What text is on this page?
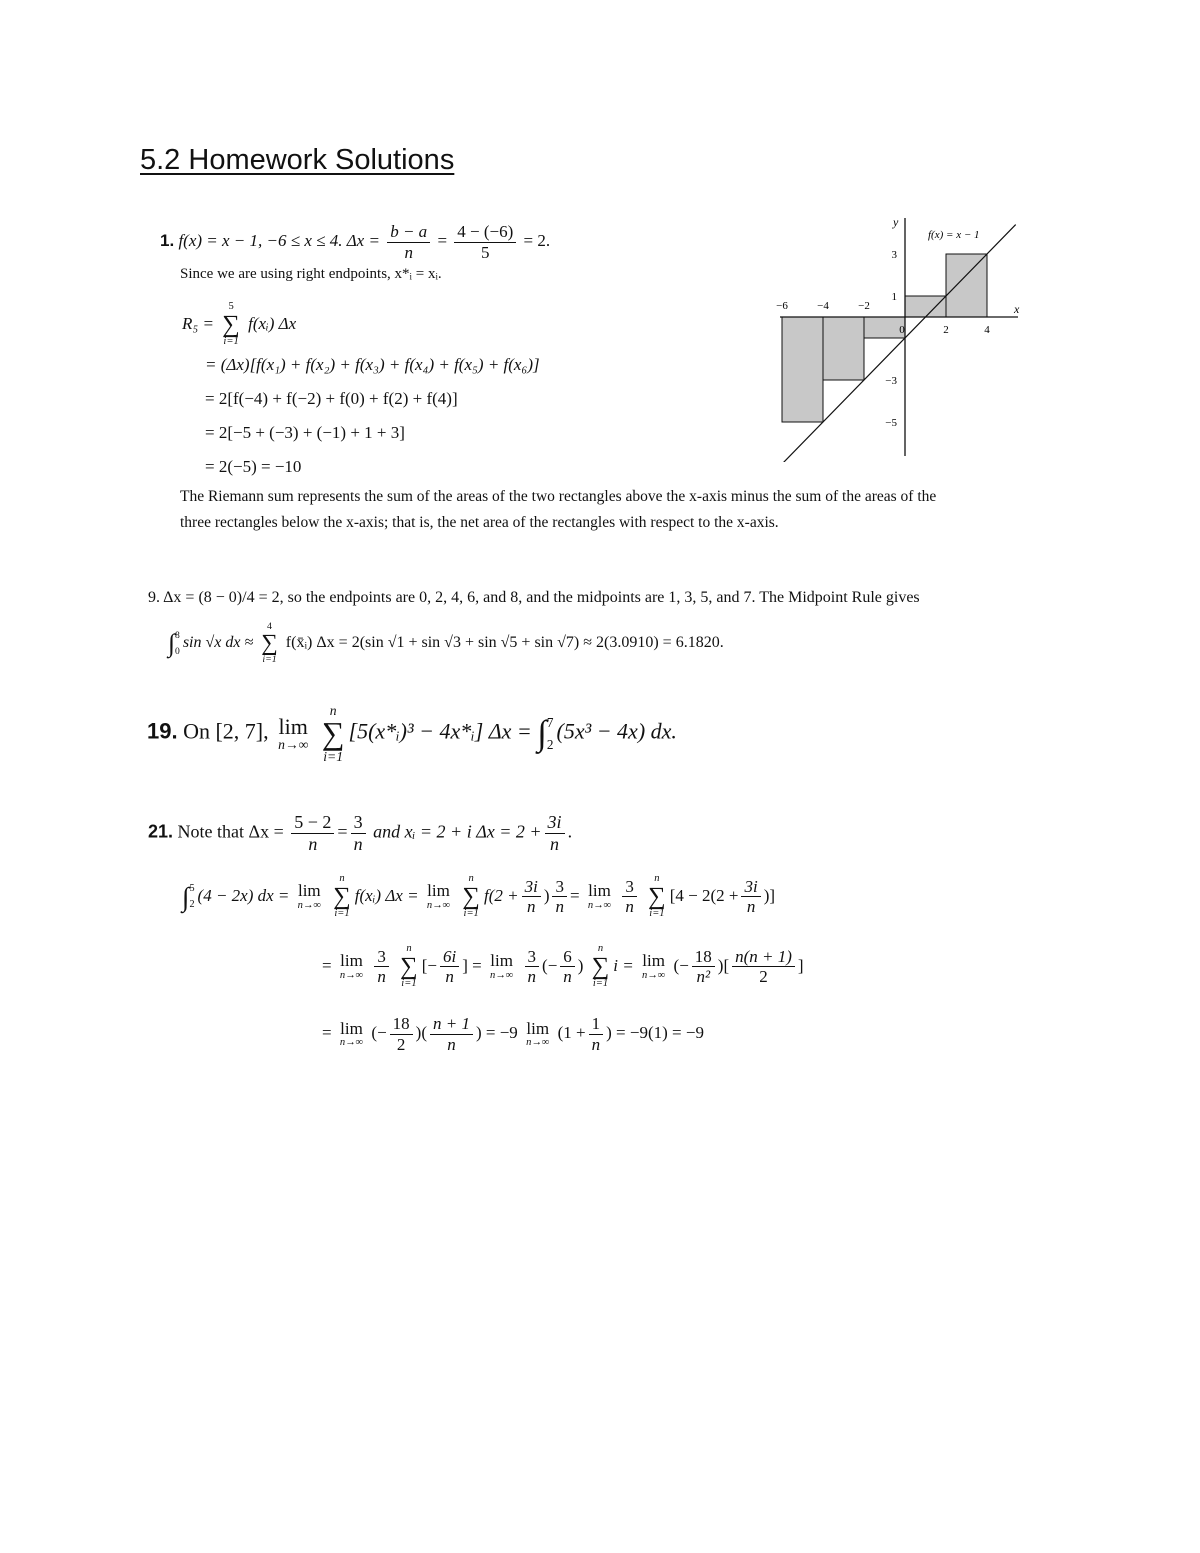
5.2 Homework Solutions
1. f(x) = x − 1, −6 ≤ x ≤ 4. $\Delta x = \frac{b - a}{n} = \frac{4 - (-6)}{5} = 2$.
Since we are using right endpoints, x*ᵢ = xᵢ.
R₅ =
5
∑
i=1
f(xᵢ) Δx
= (Δx)[f(x₁) + f(x₂) + f(x₃) + f(x₄) + f(x₅) + f(x₆)]
= 2[f(−4) + f(−2) + f(0) + f(2) + f(4)]
= 2[−5 + (−3) + (−1) + 1 + 3]
= 2(−5) = −10
The Riemann sum represents the sum of the areas of the two rectangles above the x-axis minus the sum of the areas of the
three rectangles below the x-axis; that is, the net area of the rectangles with respect to the x-axis.
−6	−4	−2
0	2	4
3
1
−3
−5
x
y
f(x) = x − 1
9. Δx = (8 − 0)/4 = 2, so the endpoints are 0, 2, 4, 6, and 8, and the midpoints are 1, 3, 5, and 7. The Midpoint Rule gives
∫ 8
0 sin √x dx ≈
4
∑
i=1
f(x̄ᵢ) Δx = 2(sin √1 + sin √3 + sin √5 + sin √7) ≈ 2(3.0910) = 6.1820.
19. On [2, 7], lim
n→∞

n
∑
i=1
[5(x*ᵢ)³ − 4x*ᵢ] Δx = ∫ 7
2
(5x³ − 4x) dx.
21. Note that $\Delta x = \frac{5 - 2}{n} = \frac{3}{n}$ and xᵢ = 2 + i $\Delta x = 2 + \frac{3i}{n}$ .
∫ 5
2 (4 − 2x) dx = lim
n→∞

n
∑
i=1
f(xᵢ) Δx = lim
n→∞

n
∑
i=1
$f(2 + \frac{3i}{n}$ ) $\frac{3}{n} = \lim$
n→∞
$\frac{3}{n}$
n
∑
i=1
[$4 - 2(2 + \frac{3i}{n}$ )]
= lim
n→∞
$\frac{3}{n}$
n
∑
i=1
[− $\frac{6i}{n}$ ] = lim
n→∞
$\frac{3}{n}$ (− $\frac{6}{n}$ )
n
∑
i=1
i = lim
n→∞
(− $\frac{18}{\text{n²}}$ )[ $\frac{n(n + 1)}{2}$ ]
= lim
n→∞
(− $\frac{18}{2}$ )( $\frac{n + 1}{n}$ ) = −9 lim
n→∞
($1 + \frac{1}{n}$ ) = −9(1) = −9
